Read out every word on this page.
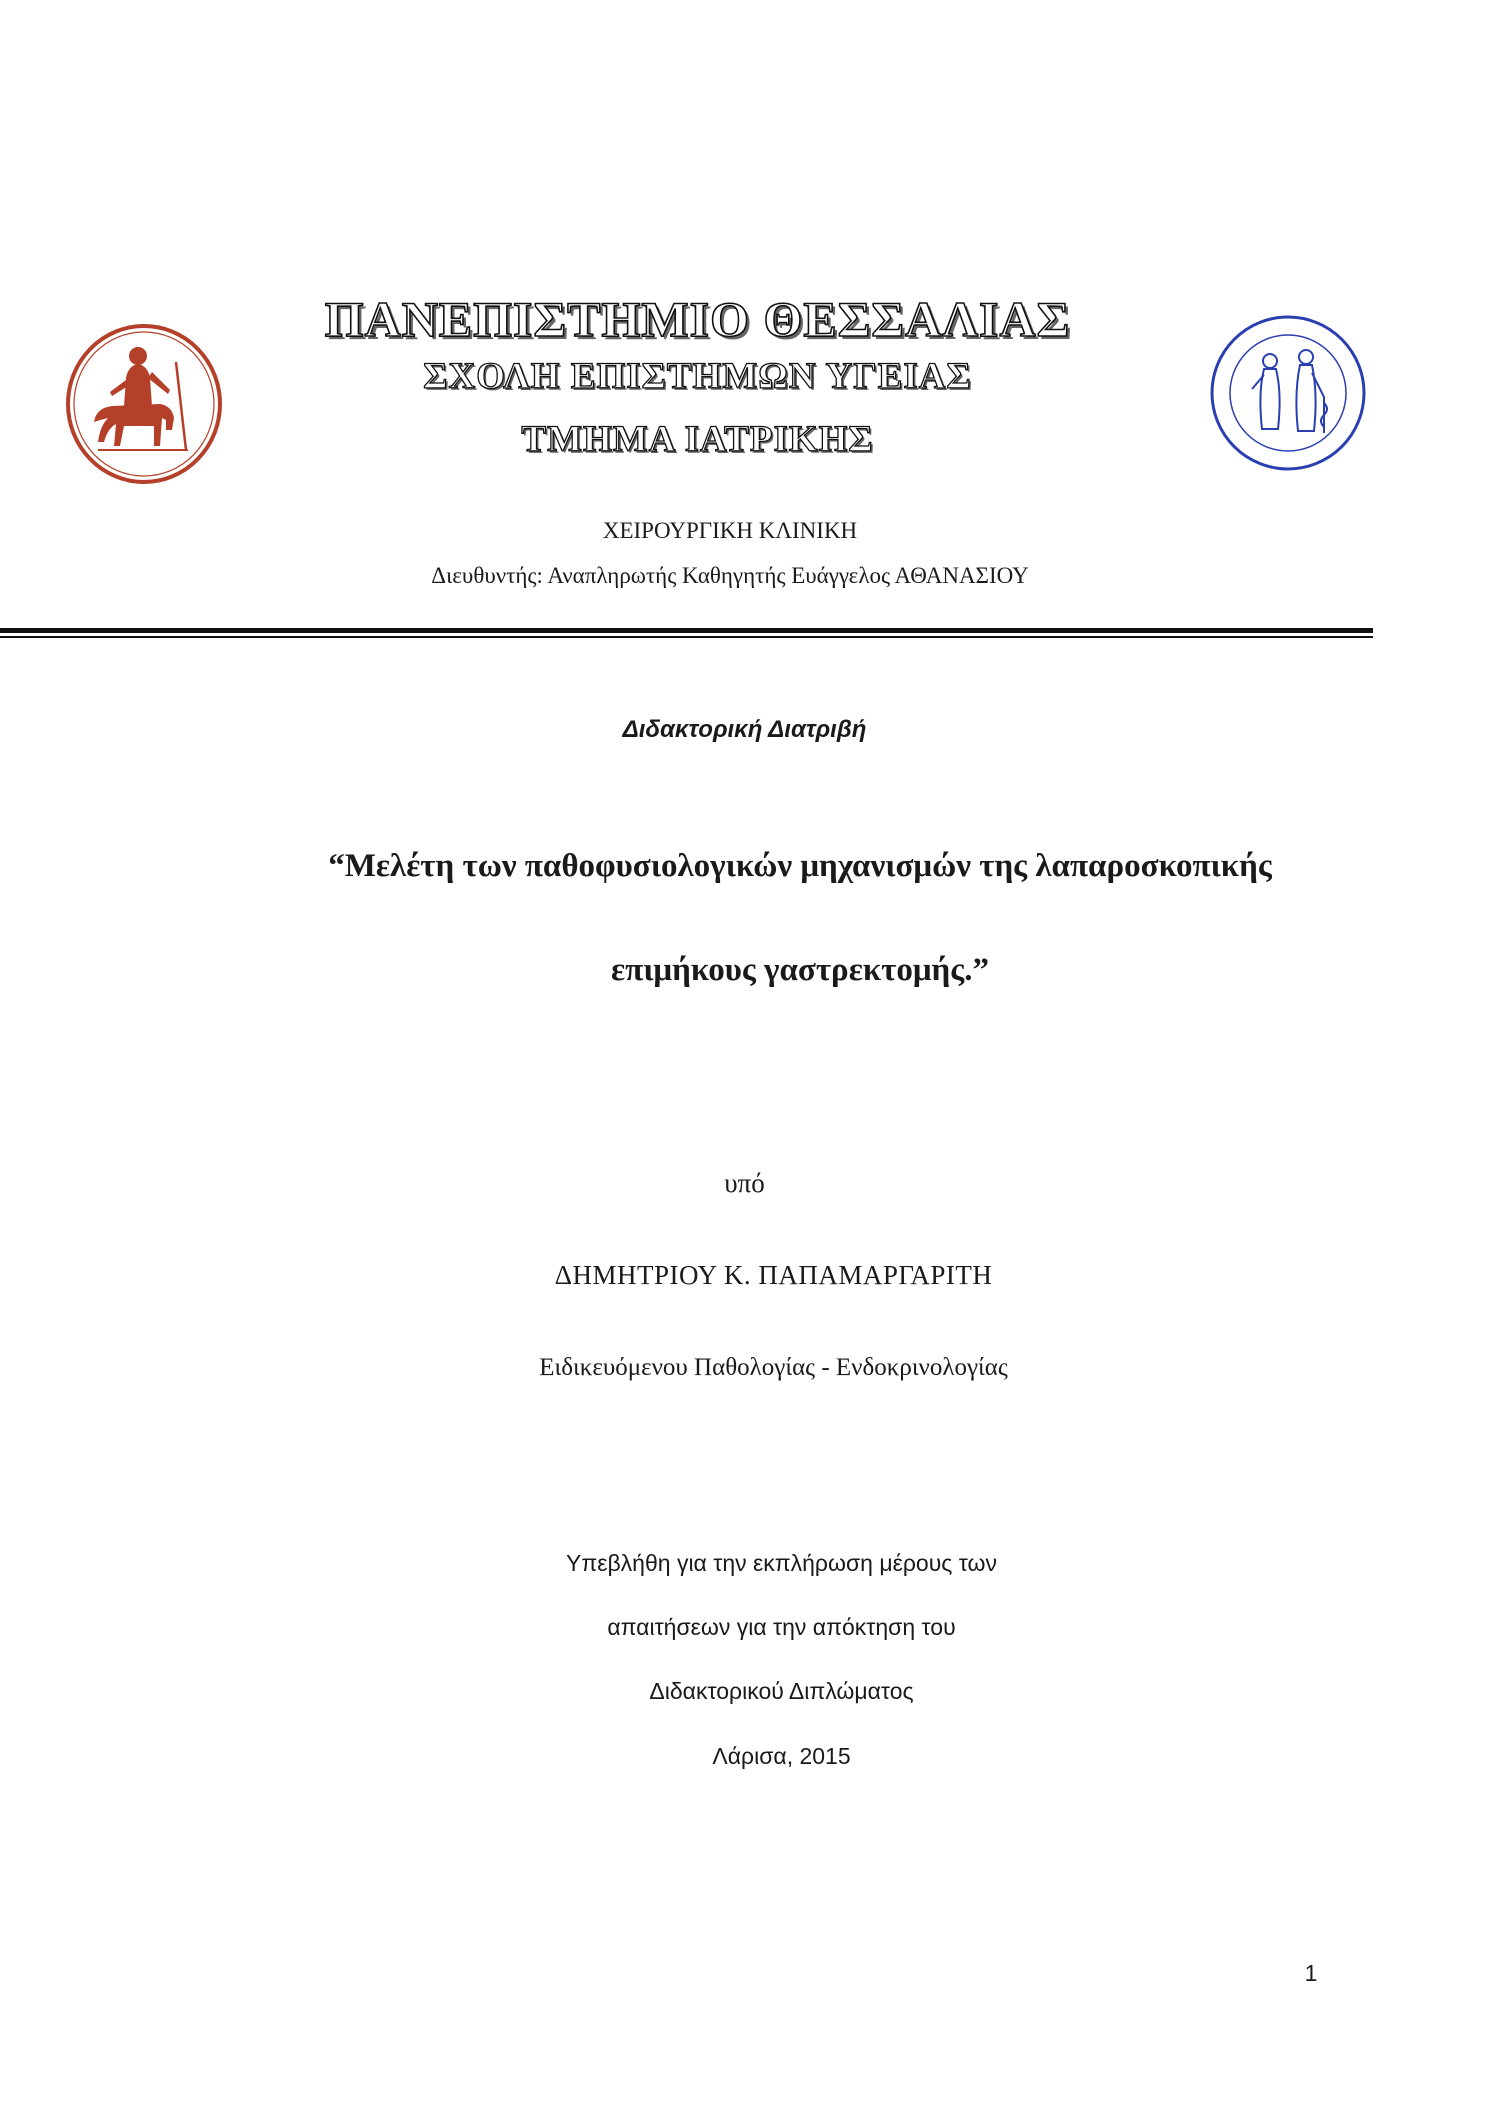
ΠΑΝΕΠΙΣΤΗΜΙΟ ΘΕΣΣΑΛΙΑΣ
ΣΧΟΛΗ ΕΠΙΣΤΗΜΩΝ ΥΓΕΙΑΣ
ΤΜΗΜΑ ΙΑΤΡΙΚΗΣ
ΧΕΙΡΟΥΡΓΙΚΗ ΚΛΙΝΙΚΗ
Διευθυντής: Αναπληρωτής Καθηγητής Ευάγγελος ΑΘΑΝΑΣΙΟΥ
Διδακτορική Διατριβή
“Μελέτη των παθοφυσιολογικών μηχανισμών της λαπαροσκοπικής
επιμήκους γαστρεκτομής.”
υπό
ΔΗΜΗΤΡΙΟΥ Κ. ΠΑΠΑΜΑΡΓΑΡΙΤΗ
Ειδικευόμενου Παθολογίας - Ενδοκρινολογίας
Υπεβλήθη για την εκπλήρωση μέρους των
απαιτήσεων για την απόκτηση του
Διδακτορικού Διπλώματος
Λάρισα, 2015
1
